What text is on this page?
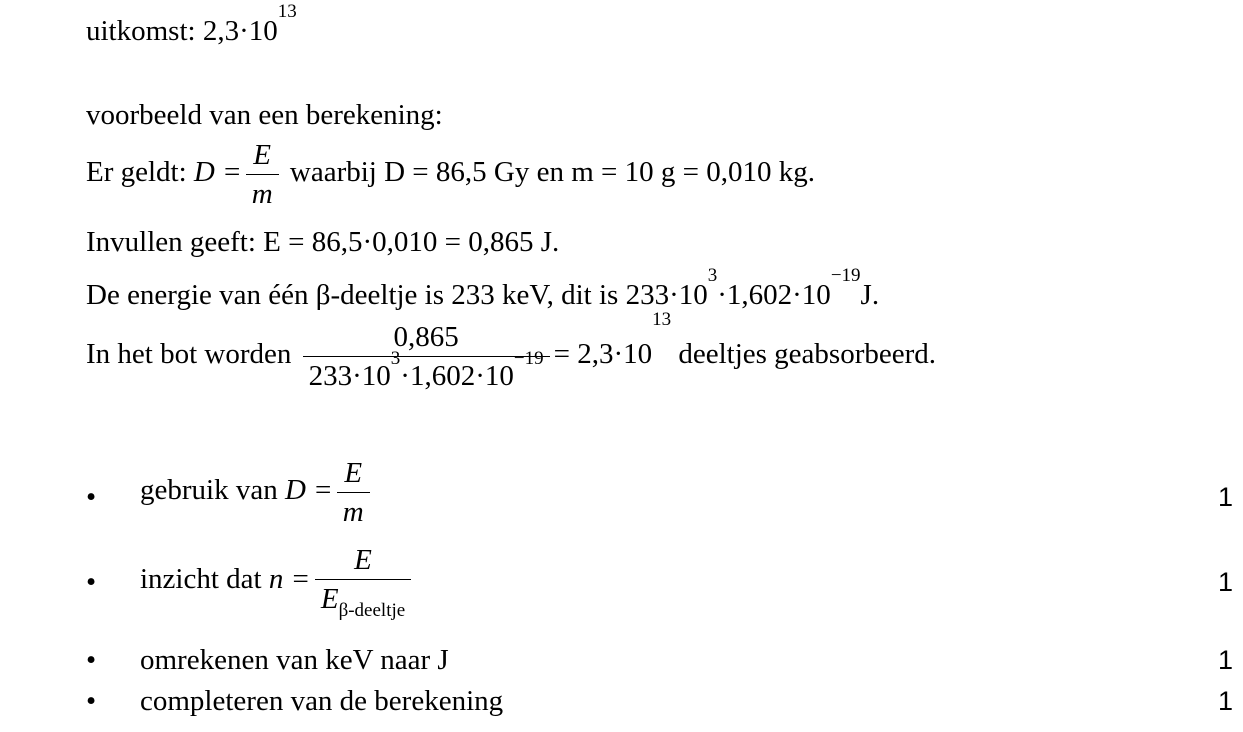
uitkomst: $2,3\cdot 10^{13}$
voorbeeld van een berekening:
Er geldt: $D = \frac{E}{m}$ waarbij D = 86,5 Gy en m = 10 g = 0,010 kg.
Invullen geeft: E = 86,5·0,010 = 0,865 J.
De energie van één β-deeltje is 233 keV, dit is $233\cdot 10^3\cdot 1,602\cdot 10^{-19}J$.
In het bot worden $\frac{0,865}{233\cdot 10^3\cdot 1,602\cdot 10^{-19}} = 2,3\cdot 10^{13}$ deeltjes geabsorbeerd.
• gebruik van $D = \frac{E}{m}$	1
• inzicht dat $n = \frac{E}{E_{\beta-deeltje}}$	1
• omrekenen van keV naar J	1
• completeren van de berekening	1
